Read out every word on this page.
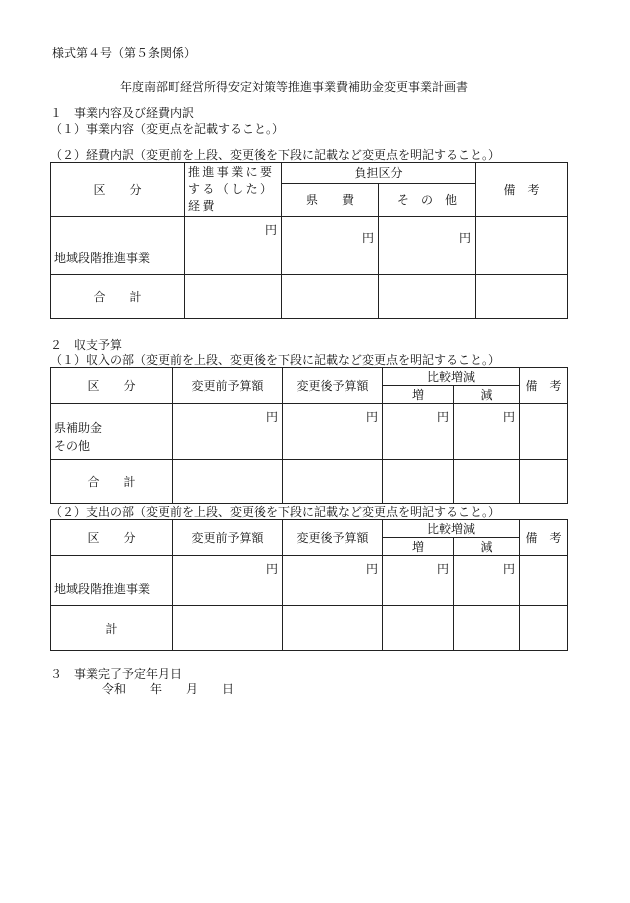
様式第４号（第５条関係）
年度南部町経営所得安定対策等推進事業費補助金変更事業計画書
１　事業内容及び経費内訳
（１）事業内容（変更点を記載すること。）
（２）経費内訳（変更前を上段、変更後を下段に記載など変更点を明記すること。）
区　　分	推進事業に要する（した）経費	負担区分		備　考
		県　　費	そ　の　他	
地域段階推進事業	円	円	円	
合　　計				
２　収支予算
（１）収入の部（変更前を上段、変更後を下段に記載など変更点を明記すること。）
区　　分	変更前予算額	変更後予算額	比較増減		備　考
			増	減	

県補助金
その他	円	円	円	円	
合　　計					
（２）支出の部（変更前を上段、変更後を下段に記載など変更点を明記すること。）
区　　分	変更前予算額	変更後予算額	比較増減		備　考
			増	減	
地域段階推進事業	円	円	円	円	
計					
３　事業完了予定年月日
令和　　年　　月　　日
